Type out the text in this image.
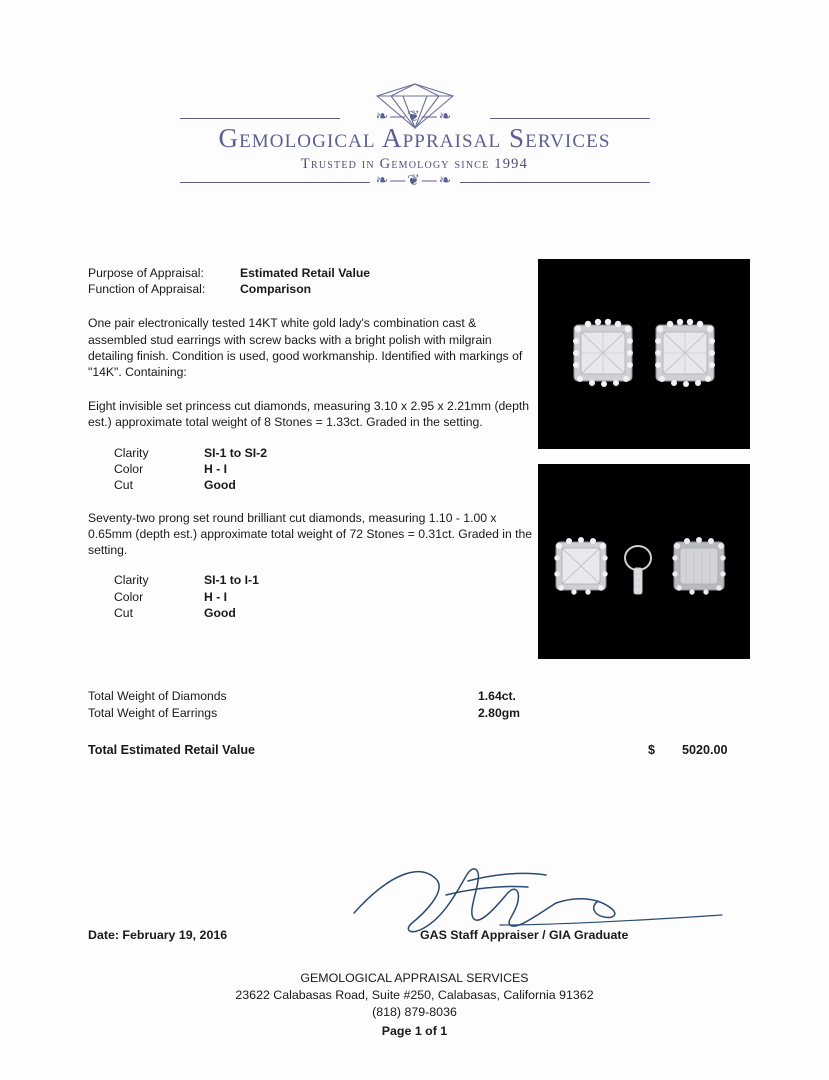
❧—❦—❧
Gemological Appraisal Services
Trusted in Gemology since 1994
❧—❦—❧
Purpose of Appraisal:	Estimated Retail Value
Function of Appraisal:	Comparison
One pair electronically tested 14KT white gold lady's combination cast & assembled stud earrings with screw backs with a bright polish with milgrain detailing finish. Condition is used, good workmanship. Identified with markings of "14K". Containing:
Eight invisible set princess cut diamonds, measuring 3.10 x 2.95 x 2.21mm (depth est.) approximate total weight of 8 Stones = 1.33ct. Graded in the setting.
Clarity	SI-1 to SI-2
Color	H - I
Cut	Good
Seventy-two prong set round brilliant cut diamonds, measuring 1.10 - 1.00 x 0.65mm (depth est.) approximate total weight of 72 Stones = 0.31ct. Graded in the setting.
Clarity	SI-1 to I-1
Color	H - I
Cut	Good
Total Weight of Diamonds	1.64ct.
Total Weight of Earrings	2.80gm
Total Estimated Retail Value	$	5020.00
Date: February 19, 2016	GAS Staff Appraiser / GIA Graduate
GEMOLOGICAL APPRAISAL SERVICES
23622 Calabasas Road, Suite #250, Calabasas, California 91362
(818) 879-8036
Page 1 of 1
